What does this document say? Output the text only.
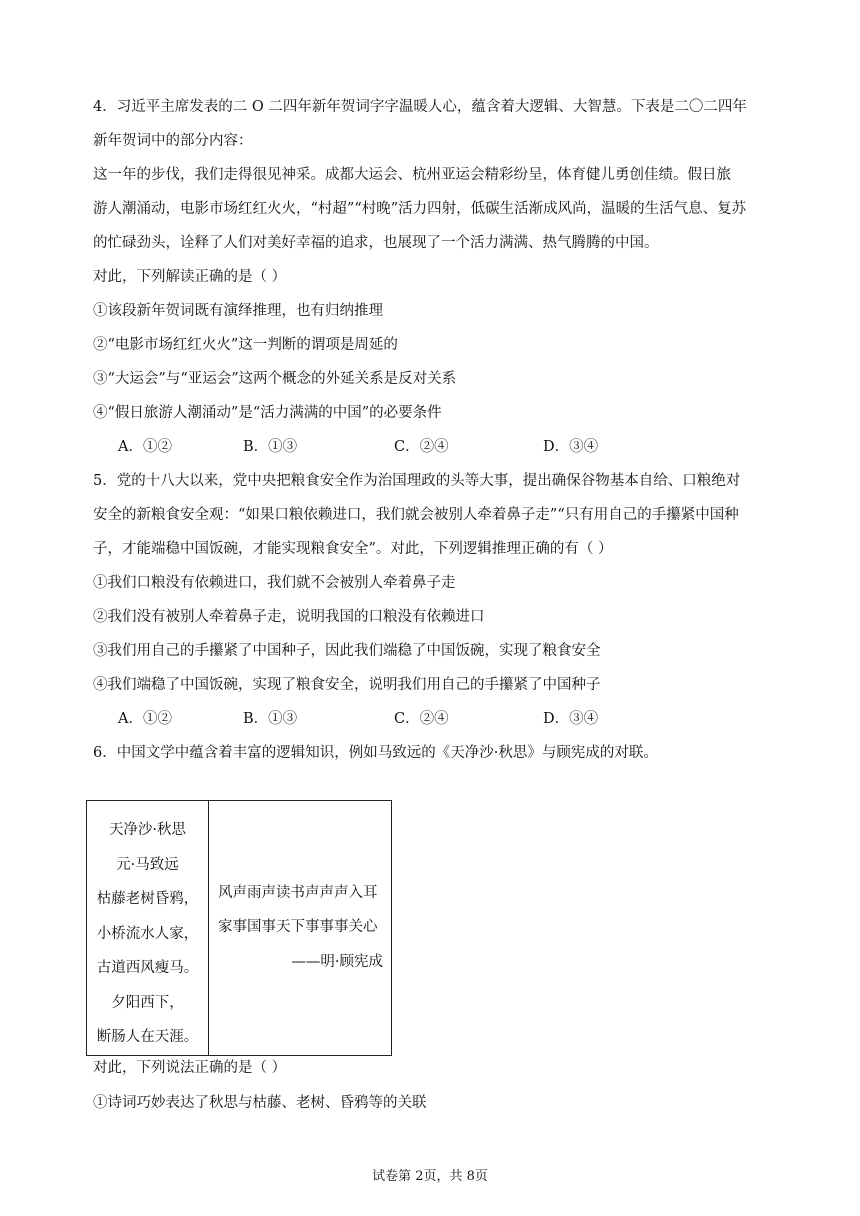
4．习近平主席发表的二 O 二四年新年贺词字字温暖人心，蕴含着大逻辑、大智慧。下表是二〇二四年
新年贺词中的部分内容：
这一年的步伐，我们走得很见神采。成都大运会、杭州亚运会精彩纷呈，体育健儿勇创佳绩。假日旅
游人潮涌动，电影市场红红火火，“村超”“村晚”活力四射，低碳生活渐成风尚，温暖的生活气息、复苏
的忙碌劲头，诠释了人们对美好幸福的追求，也展现了一个活力满满、热气腾腾的中国。
对此，下列解读正确的是（ ）
①该段新年贺词既有演绎推理，也有归纳推理
②“电影市场红红火火”这一判断的谓项是周延的
③“大运会”与“亚运会”这两个概念的外延关系是反对关系
④“假日旅游人潮涌动”是“活力满满的中国”的必要条件
A．①②	B．①③	C．②④	D．③④
5．党的十八大以来，党中央把粮食安全作为治国理政的头等大事，提出确保谷物基本自给、口粮绝对
安全的新粮食安全观：“如果口粮依赖进口，我们就会被别人牵着鼻子走”“只有用自己的手攥紧中国种
子，才能端稳中国饭碗，才能实现粮食安全”。对此，下列逻辑推理正确的有（ ）
①我们口粮没有依赖进口，我们就不会被别人牵着鼻子走
②我们没有被别人牵着鼻子走，说明我国的口粮没有依赖进口
③我们用自己的手攥紧了中国种子，因此我们端稳了中国饭碗，实现了粮食安全
④我们端稳了中国饭碗，实现了粮食安全，说明我们用自己的手攥紧了中国种子
A．①②	B．①③	C．②④	D．③④
6．中国文学中蕴含着丰富的逻辑知识，例如马致远的《天净沙·秋思》与顾宪成的对联。
天净沙·秋思
元·马致远
枯藤老树昏鸦，
小桥流水人家，
古道西风瘦马。
夕阳西下，
断肠人在天涯。

风声雨声读书声声声入耳
家事国事天下事事事关心
——明·顾宪成
对此，下列说法正确的是（ ）
①诗词巧妙表达了秋思与枯藤、老树、昏鸦等的关联
试卷第 2页，共 8页
